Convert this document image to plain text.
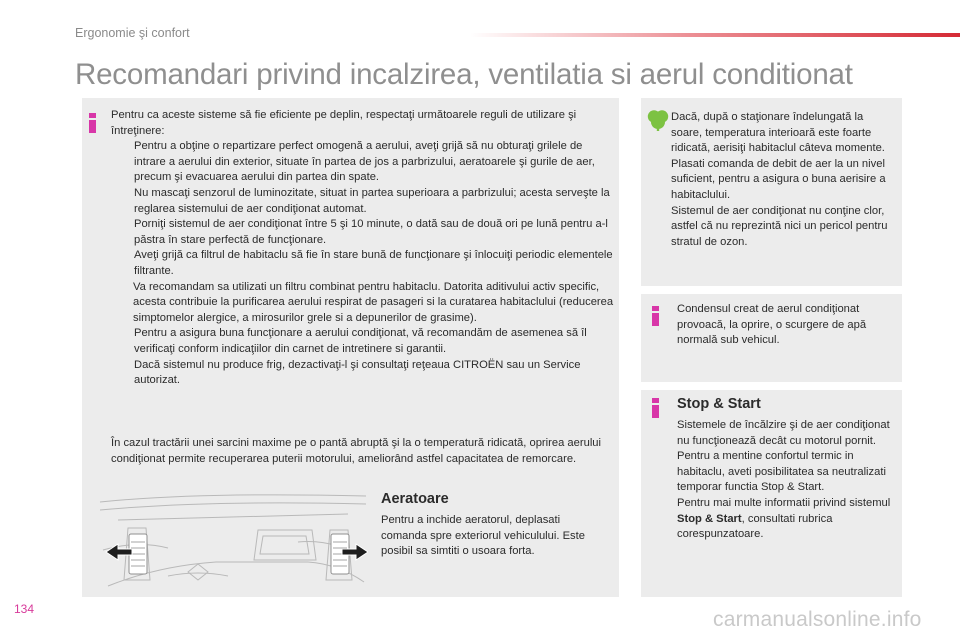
Ergonomie şi confort
Recomandari privind incalzirea, ventilatia si aerul conditionat

Pentru ca aceste sisteme să fie eficiente pe deplin, respectaţi următoarele reguli de utilizare şi întreţinere:

Pentru a obţine o repartizare perfect omogenă a aerului, aveţi grijă să nu obturaţi grilele de intrare a aerului din exterior, situate în partea de jos a parbrizului, aeratoarele şi gurile de aer, precum şi evacuarea aerului din partea din spate.
Nu mascaţi senzorul de luminozitate, situat in partea superioara a parbrizului; acesta serveşte la reglarea sistemului de aer condiţionat automat.
Porniţi sistemul de aer condiţionat între 5 şi 10 minute, o dată sau de două ori pe lună pentru a-l păstra în stare perfectă de funcţionare.
Aveţi grijă ca filtrul de habitaclu să fie în stare bună de funcţionare şi înlocuiţi periodic elementele filtrante.
Va recomandam sa utilizati un filtru combinat pentru habitaclu. Datorita aditivului activ specific, acesta contribuie la purificarea aerului respirat de pasageri si la curatarea habitaclului (reducerea simptomelor alergice, a mirosurilor grele si a depunerilor de grasime).
Pentru a asigura buna funcţionare a aerului condiţionat, vă recomandăm de asemenea să îl verificaţi conform indicaţiilor din carnet de intretinere si garantii.
Dacă sistemul nu produce frig, dezactivaţi-l şi consultaţi reţeaua CITROËN sau un Service autorizat.
În cazul tractării unei sarcini maxime pe o pantă abruptă şi la o temperatură ridicată, oprirea aerului condiţionat permite recuperarea puterii motorului, ameliorând astfel capacitatea de remorcare.
Aeratoare
Pentru a inchide aeratorul, deplasati comanda spre exteriorul vehiculului. Este posibil sa simtiti o usoara forta.
Dacă, după o staţionare îndelungată la soare, temperatura interioară este foarte ridicată, aerisiţi habitaclul câteva momente.
Plasati comanda de debit de aer la un nivel suficient, pentru a asigura o buna aerisire a habitaclului.
Sistemul de aer condiţionat nu conţine clor, astfel că nu reprezintă nici un pericol pentru stratul de ozon.
Condensul creat de aerul condiţionat provoacă, la oprire, o scurgere de apă normală sub vehicul.
Stop & Start
Sistemele de încălzire şi de aer condiţionat nu funcţionează decât cu motorul pornit.
Pentru a mentine confortul termic in habitaclu, aveti posibilitatea sa neutralizati temporar functia Stop & Start.
Pentru mai multe informatii privind sistemul Stop & Start, consultati rubrica corespunzatoare.
134	carmanualsonline.info
